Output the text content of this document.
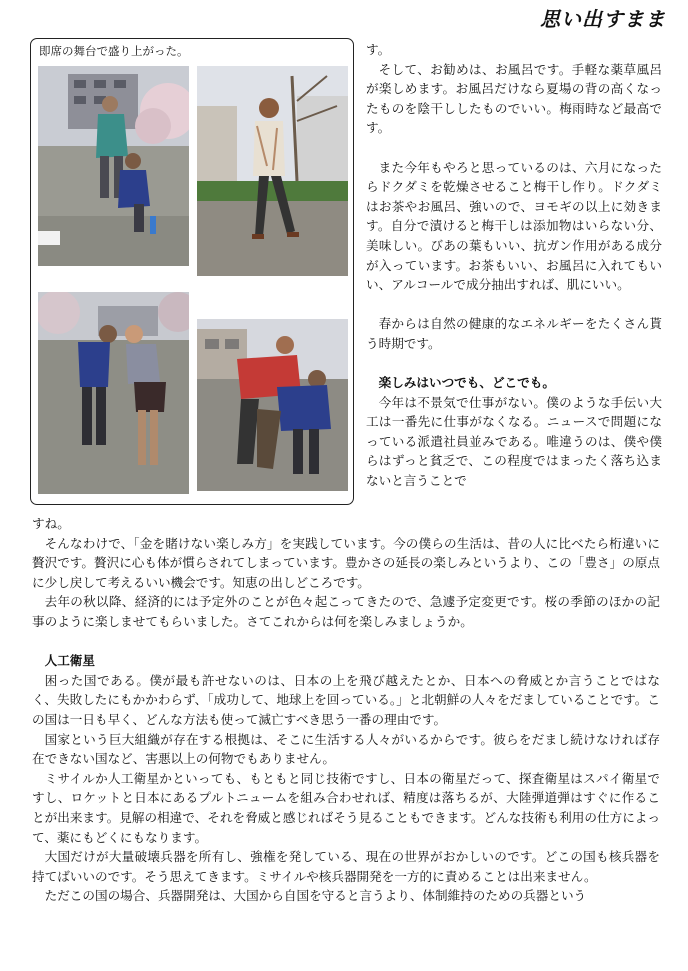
思い出すまま
即席の舞台で盛り上がった。	す。

そして、お勧めは、お風呂です。手軽な薬草風呂が楽しめます。お風呂だけなら夏場の背の高くなったものを陰干ししたものでいい。梅雨時など最高です。

また今年もやろと思っているのは、六月になったらドクダミを乾燥させること梅干し作り。ドクダミはお茶やお風呂、強いので、ヨモギの以上に効きます。自分で漬けると梅干しは添加物はいらない分、美味しい。びあの葉もいい、抗ガン作用がある成分が入っています。お茶もいい、お風呂に入れてもいい、アルコールで成分抽出すれば、肌にいい。

春からは自然の健康的なエネルギーをたくさん貰う時期です。

楽しみはいつでも、どこでも。

今年は不景気で仕事がない。僕のような手伝い大工は一番先に仕事がなくなる。ニュースで問題になっている派遣社員並みである。唯違うのは、僕や僕らはずっと貧乏で、この程度ではまったく落ち込まないと言うことで

すね。

そんなわけで、「金を賭けない楽しみ方」を実践しています。今の僕らの生活は、昔の人に比べたら桁違いに贅沢です。贅沢に心も体が慣らされてしまっています。豊かさの延長の楽しみというより、この「豊さ」の原点に少し戻して考えるいい機会です。知恵の出しどころです。

去年の秋以降、経済的には予定外のことが色々起こってきたので、急遽予定変更です。桜の季節のほかの記事のように楽しませてもらいました。さてこれからは何を楽しみましょうか。

人工衛星

困った国である。僕が最も許せないのは、日本の上を飛び越えたとか、日本への脅威とか言うことではなく、失敗したにもかかわらず、「成功して、地球上を回っている。」と北朝鮮の人々をだましていることです。この国は一日も早く、どんな方法も使って滅亡すべき思う一番の理由です。

国家という巨大組織が存在する根拠は、そこに生活する人々がいるからです。彼らをだまし続けなければ存在できない国など、害悪以上の何物でもありません。

ミサイルか人工衛星かといっても、もともと同じ技術ですし、日本の衛星だって、探査衛星はスパイ衛星ですし、ロケットと日本にあるプルトニュームを組み合わせれば、精度は落ちるが、大陸弾道弾はすぐに作ることが出来ます。見解の相違で、それを脅威と感じればそう見ることもできます。どんな技術も利用の仕方によって、薬にもどくにもなります。

大国だけが大量破壊兵器を所有し、強権を発している、現在の世界がおかしいのです。どこの国も核兵器を持てばいいのです。そう思えてきます。ミサイルや核兵器開発を一方的に責めることは出来ません。

ただこの国の場合、兵器開発は、大国から自国を守ると言うより、体制維持のための兵器という
